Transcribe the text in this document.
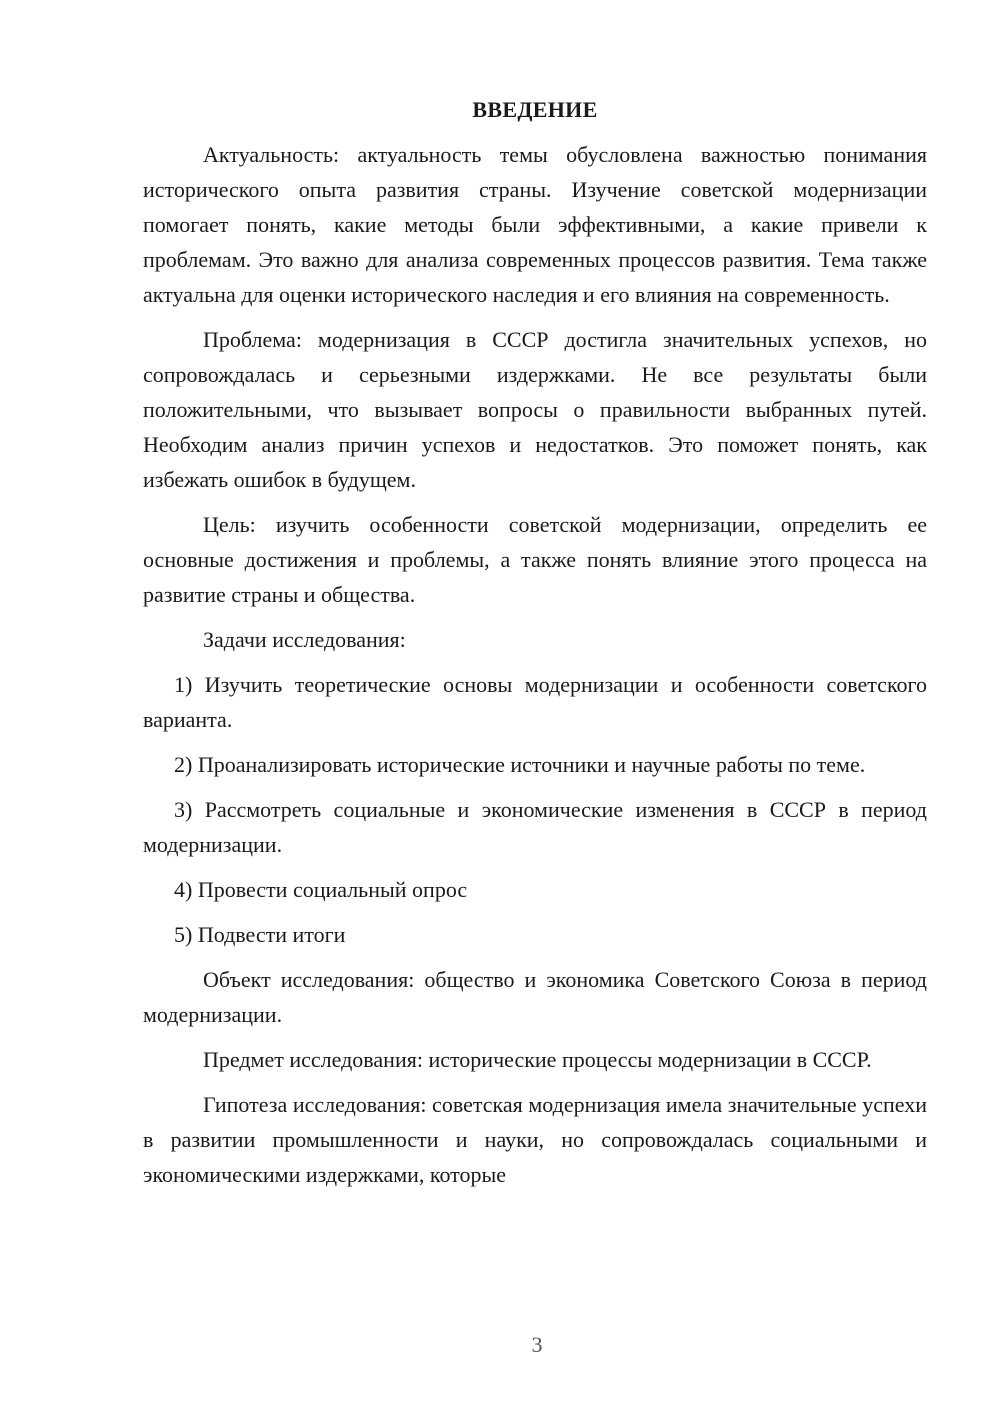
ВВЕДЕНИЕ

Актуальность: актуальность темы обусловлена важностью понимания исторического опыта развития страны. Изучение советской модернизации помогает понять, какие методы были эффективными, а какие привели к проблемам. Это важно для анализа современных процессов развития. Тема также актуальна для оценки исторического наследия и его влияния на современность.

Проблема: модернизация в СССР достигла значительных успехов, но сопровождалась и серьезными издержками. Не все результаты были положительными, что вызывает вопросы о правильности выбранных путей. Необходим анализ причин успехов и недостатков. Это поможет понять, как избежать ошибок в будущем.

Цель: изучить особенности советской модернизации, определить ее основные достижения и проблемы, а также понять влияние этого процесса на развитие страны и общества.

Задачи исследования:

1) Изучить теоретические основы модернизации и особенности советского варианта.

2) Проанализировать исторические источники и научные работы по теме.

3) Рассмотреть социальные и экономические изменения в СССР в период модернизации.

4) Провести социальный опрос

5) Подвести итоги

Объект исследования: общество и экономика Советского Союза в период модернизации.

Предмет исследования: исторические процессы модернизации в СССР.

Гипотеза исследования: советская модернизация имела значительные успехи в развитии промышленности и науки, но сопровождалась социальными и экономическими издержками, которые

3
